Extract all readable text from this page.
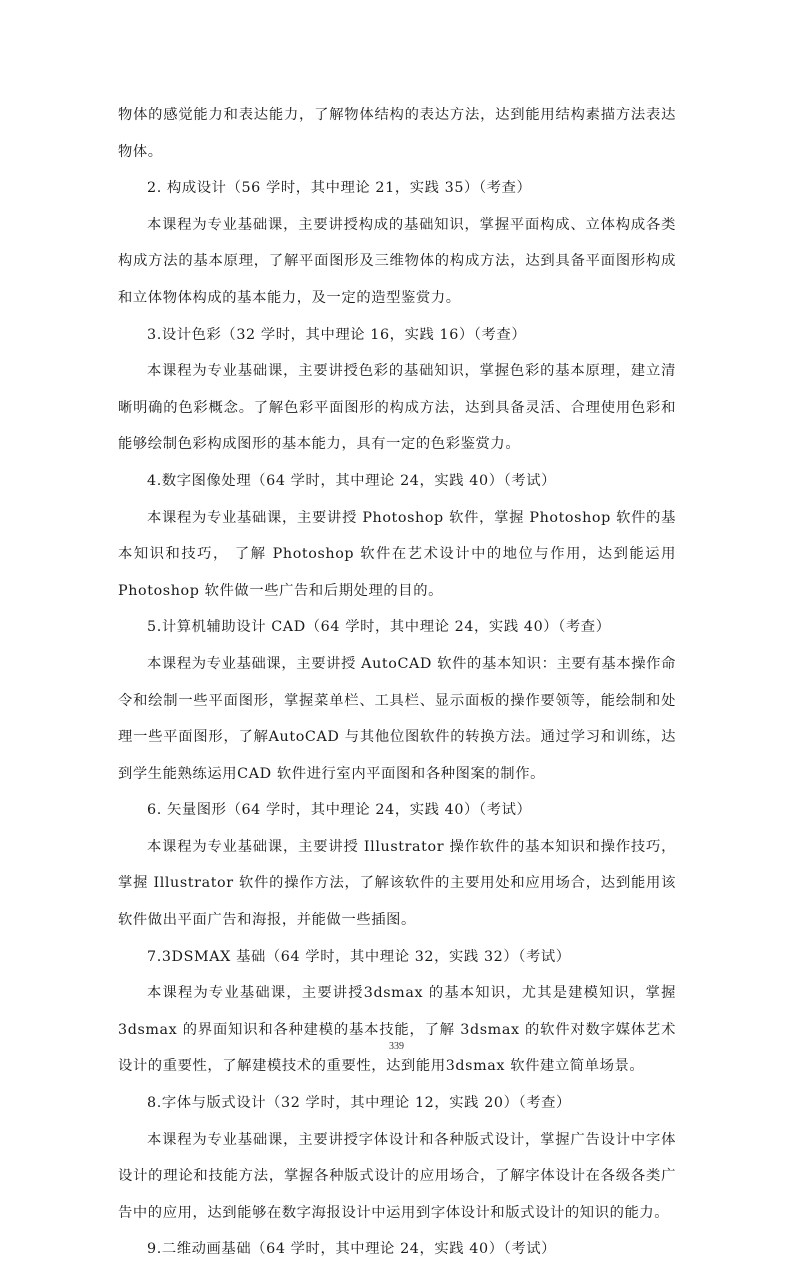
物体的感觉能力和表达能力，了解物体结构的表达方法，达到能用结构素描方法表达物体。

2. 构成设计（56 学时，其中理论 21，实践 35）（考查）

本课程为专业基础课，主要讲授构成的基础知识，掌握平面构成、立体构成各类构成方法的基本原理，了解平面图形及三维物体的构成方法，达到具备平面图形构成和立体物体构成的基本能力，及一定的造型鉴赏力。

3.设计色彩（32 学时，其中理论 16，实践 16）（考查）

本课程为专业基础课，主要讲授色彩的基础知识，掌握色彩的基本原理，建立清晰明确的色彩概念。了解色彩平面图形的构成方法，达到具备灵活、合理使用色彩和能够绘制色彩构成图形的基本能力，具有一定的色彩鉴赏力。

4.数字图像处理（64 学时，其中理论 24，实践 40）（考试）

本课程为专业基础课，主要讲授 Photoshop 软件，掌握 Photoshop 软件的基本知识和技巧， 了解 Photoshop 软件在艺术设计中的地位与作用，达到能运用 Photoshop 软件做一些广告和后期处理的目的。

5.计算机辅助设计 CAD（64 学时，其中理论 24，实践 40）（考查）

本课程为专业基础课，主要讲授 AutoCAD 软件的基本知识：主要有基本操作命令和绘制一些平面图形，掌握菜单栏、工具栏、显示面板的操作要领等，能绘制和处理一些平面图形，了解AutoCAD 与其他位图软件的转换方法。通过学习和训练，达到学生能熟练运用CAD 软件进行室内平面图和各种图案的制作。

6. 矢量图形（64 学时，其中理论 24，实践 40）（考试）

本课程为专业基础课，主要讲授 Illustrator 操作软件的基本知识和操作技巧，掌握 Illustrator 软件的操作方法，了解该软件的主要用处和应用场合，达到能用该软件做出平面广告和海报，并能做一些插图。

7.3DSMAX 基础（64 学时，其中理论 32，实践 32）（考试）

本课程为专业基础课，主要讲授3dsmax 的基本知识，尤其是建模知识，掌握 3dsmax 的界面知识和各种建模的基本技能，了解 3dsmax 的软件对数字媒体艺术设计的重要性，了解建模技术的重要性，达到能用3dsmax 软件建立简单场景。

8.字体与版式设计（32 学时，其中理论 12，实践 20）（考查）

本课程为专业基础课，主要讲授字体设计和各种版式设计，掌握广告设计中字体设计的理论和技能方法，掌握各种版式设计的应用场合，了解字体设计在各级各类广告中的应用，达到能够在数字海报设计中运用到字体设计和版式设计的知识的能力。

9.二维动画基础（64 学时，其中理论 24，实践 40）（考试）

339
